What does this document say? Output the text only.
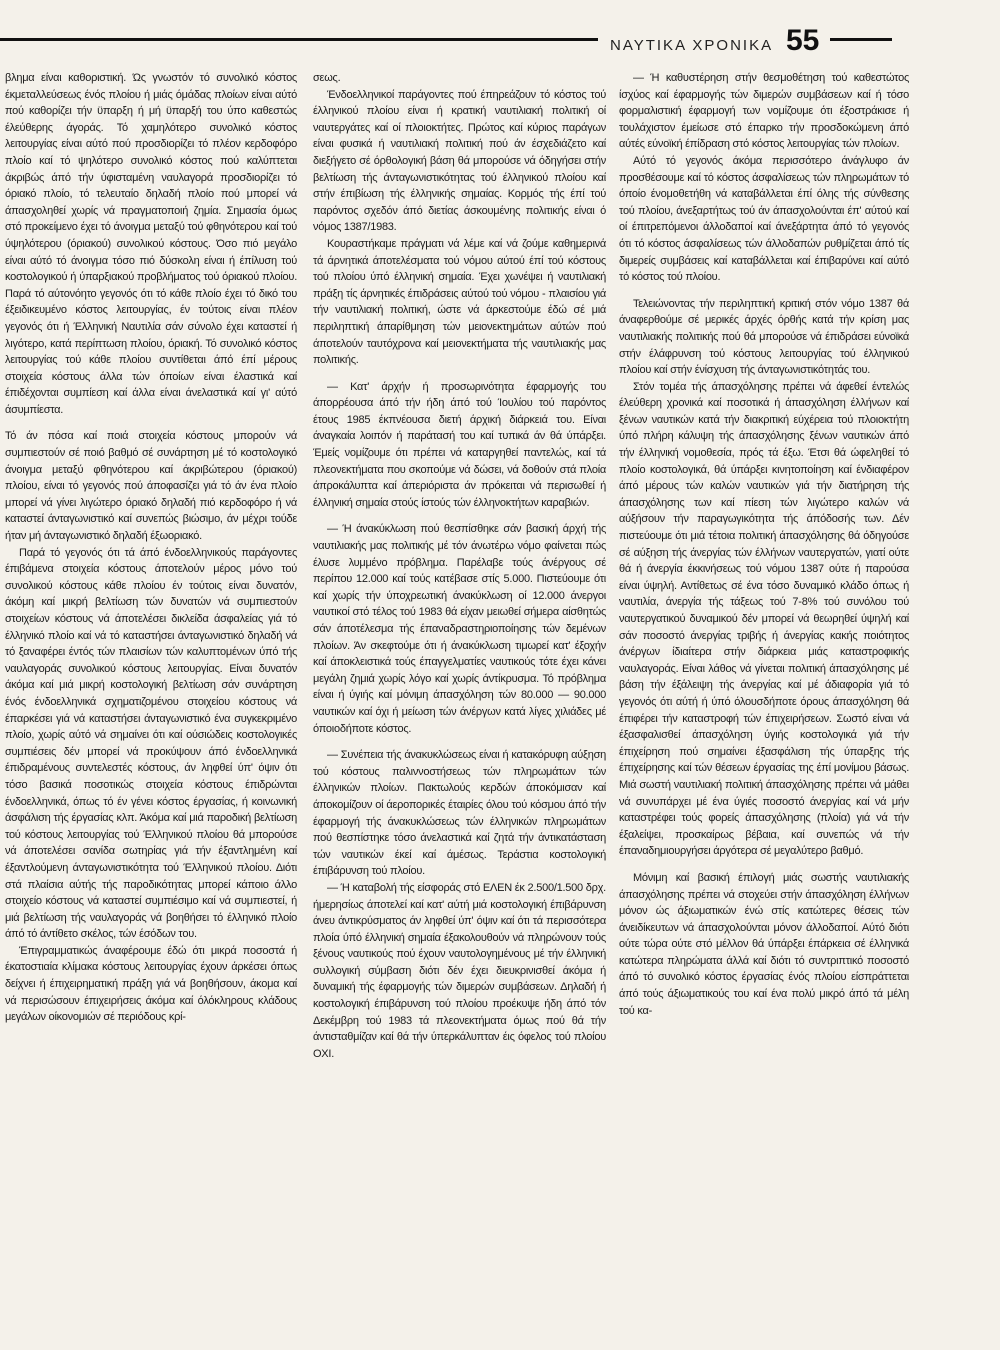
ΝΑΥΤΙΚΑ ΧΡΟΝΙΚΑ 55

βλημα είναι καθοριστική. Ώς γνωστόν τό συνολικό κόστος έκμεταλλεύσεως ένός πλοίου ή μιάς όμάδας πλοίων είναι αύτό πού καθορίζει τήν ϋπαρξη ή μή ϋπαρξή του ύπο καθεστώς έλεύθερης άγοράς. Τό χαμηλότερο συνολικό κόστος λειτουργίας είναι αύτό πού προσδιορίζει τό πλέον κερδοφόρο πλοίο καί τό ψηλότερο συνολικό κόστος πού καλύπτεται άκριβώς άπό τήν ύφισταμένη ναυλαγορά προσδιορίζει τό όριακό πλοίο, τό τελευταίο δηλαδή πλοίο πού μπορεί νά άπασχοληθεί χωρίς νά πραγματοποιή ζημία. Σημασία όμως στό προκείμενο έχει τό άνοιγμα μεταξύ τού φθηνότερου καί τού ύψηλότερου (όριακού) συνολικού κόστους. Όσο πιό μεγάλο είναι αύτό τό άνοιγμα τόσο πιό δύσκολη είναι ή έπίλυση τού κοστολογικού ή ύπαρξιακού προβλήματος τού όριακού πλοίου. Παρά τό αύτονόητο γεγονός ότι τό κάθε πλοίο έχει τό δικό του έξειδικευμένο κόστος λειτουργίας, έν τούτοις είναι πλέον γεγονός ότι ή Έλληνική Ναυτιλία σάν σύνολο έχει καταστεί ή λιγότερο, κατά περίπτωση πλοίου, όριακή. Τό συνολικό κόστος λειτουργίας τού κάθε πλοίου συντίθεται άπό έπί μέρους στοιχεία κόστους άλλα τών όποίων είναι έλαστικά καί έπιδέχονται συμπίεση καί άλλα είναι άνελαστικά καί γι' αύτό άσυμπίεστα.

Τό άν πόσα καί ποιά στοιχεία κόστους μπορούν νά συμπιεστούν σέ ποιό βαθμό σέ συνάρτηση μέ τό κοστολογικό άνοιγμα μεταξύ φθηνότερου καί άκριβώτερου (όριακού) πλοίου, είναι τό γεγονός πού άποφασίζει γιά τό άν ένα πλοίο μπορεί νά γίνει λιγώτερο όριακό δηλαδή πιό κερδοφόρο ή νά καταστεί άνταγωνιστικό καί συνεπώς βιώσιμο, άν μέχρι τούδε ήταν μή άνταγωνιστικό δηλαδή έξωοριακό.

Παρά τό γεγονός ότι τά άπό ένδοελληνικούς παράγοντες έπιβάμενα στοιχεία κόστους άποτελούν μέρος μόνο τού συνολικού κόστους κάθε πλοίου έν τούτοις είναι δυνατόν, άκόμη καί μικρή βελτίωση τών δυνατών νά συμπιεστούν στοιχείων κόστους νά άποτελέσει δικλείδα άσφαλείας γιά τό έλληνικό πλοίο καί νά τό καταστήσει άνταγωνιστικό δηλαδή νά τό ξαναφέρει έντός τών πλαισίων τών καλυπτομένων ύπό τής ναυλαγοράς συνολικού κόστους λειτουργίας. Είναι δυνατόν άκόμα καί μιά μικρή κοστολογική βελτίωση σάν συνάρτηση ένός ένδοελληνικά σχηματιζομένου στοιχείου κόστους νά έπαρκέσει γιά νά καταστήσει άνταγωνιστικό ένα συγκεκριμένο πλοίο, χωρίς αύτό νά σημαίνει ότι καί ούσιώδεις κοστολογικές συμπιέσεις δέν μπορεί νά προκύψουν άπό ένδοελληνικά έπιδραμένους συντελεστές κόστους, άν ληφθεί ύπ' όψιν ότι τόσο βασικά ποσοτικώς στοιχεία κόστους έπιδρώνται ένδοελληνικά, όπως τό έν γένει κόστος έργασίας, ή κοινωνική άσφάλιση τής έργασίας κλπ. Άκόμα καί μιά παροδική βελτίωση τού κόστους λειτουργίας τού Έλληνικού πλοίου θά μπορούσε νά άποτελέσει σανίδα σωτηρίας γιά τήν έξαντλημένη καί έξαντλούμενη άνταγωνιστικότητα τού Έλληνικού πλοίου. Διότι στά πλαίσια αύτής τής παροδικότητας μπορεί κάποιο άλλο στοιχείο κόστους νά καταστεί συμπιέσιμο καί νά συμπιεστεί, ή μιά βελτίωση τής ναυλαγοράς νά βοηθήσει τό έλληνικό πλοίο άπό τό άντίθετο σκέλος, τών έσόδων του.

Έπιγραμματικώς άναφέρουμε έδώ ότι μικρά ποσοστά ή έκατοστιαία κλίμακα κόστους λειτουργίας έχουν άρκέσει όπως δείχνει ή έπιχειρηματική πράξη γιά νά βοηθήσουν, άκομα καί νά περισώσουν έπιχειρήσεις άκόμα καί όλόκληρους κλάδους μεγάλων οίκονομιών σέ περιόδους κρί-

σεως.

Ένδοελληνικοί παράγοντες πού έπηρεάζουν τό κόστος τού έλληνικού πλοίου είναι ή κρατική ναυτιλιακή πολιτική οί ναυτεργάτες καί οί πλοιοκτήτες. Πρώτος καί κύριος παράγων είναι φυσικά ή ναυτιλιακή πολιτική πού άν έσχεδιάζετο καί διεξήγετο σέ όρθολογική βάση θά μπορούσε νά όδηγήσει στήν βελτίωση τής άνταγωνιστικότητας τού έλληνικού πλοίου καί στήν έπιβίωση τής έλληνικής σημαίας. Κορμός τής έπί τού παρόντος σχεδόν άπό διετίας άσκουμένης πολιτικής είναι ό νόμος 1387/1983.

Κουραστήκαμε πράγματι νά λέμε καί νά ζούμε καθημερινά τά άρνητικά άποτελέσματα τού νόμου αύτού έπί τού κόστους τού πλοίου ύπό έλληνική σημαία. Έχει χωνέψει ή ναυτιλιακή πράξη τίς άρνητικές έπιδράσεις αύτού τού νόμου - πλαισίου γιά τήν ναυτιλιακή πολιτική, ώστε νά άρκεστούμε έδώ σέ μιά περιληπτική άπαρίθμηση τών μειονεκτημάτων αύτών πού άποτελούν ταυτόχρονα καί μειονεκτήματα τής ναυτιλιακής μας πολιτικής.

— Κατ' άρχήν ή προσωρινότητα έφαρμογής του άπορρέουσα άπό τήν ήδη άπό τού Ίουλίου τού παρόντος έτους 1985 έκπνέουσα διετή άρχική διάρκειά του. Είναι άναγκαία λοιπόν ή παράτασή του καί τυπικά άν θά ύπάρξει. Έμείς νομίζουμε ότι πρέπει νά καταργηθεί παντελώς, καί τά πλεονεκτήματα που σκοπούμε νά δώσει, νά δοθούν στά πλοία άπροκάλυπτα καί άπεριόριστα άν πρόκειται νά περισωθεί ή έλληνική σημαία στούς ίστούς τών έλληνοκτήτων καραβιών.

— Ή άνακύκλωση πού θεσπίσθηκε σάν βασική άρχή τής ναυτιλιακής μας πολιτικής μέ τόν άνωτέρω νόμο φαίνεται πώς έλυσε λυμμένο πρόβλημα. Παρέλαβε τούς άνέργους σέ περίπου 12.000 καί τούς κατέβασε στίς 5.000. Πιστεύουμε ότι καί χωρίς τήν ύποχρεωτική άνακύκλωση οί 12.000 άνεργοι ναυτικοί στό τέλος τού 1983 θά είχαν μειωθεί σήμερα αίσθητώς σάν άποτέλεσμα τής έπαναδραστηριοποίησης τών δεμένων πλοίων. Άν σκεφτούμε ότι ή άνακύκλωση τιμωρεί κατ' έξοχήν καί άποκλειστικά τούς έπαγγελματίες ναυτικούς τότε έχει κάνει μεγάλη ζημιά χωρίς λόγο καί χωρίς άντίκρυσμα. Τό πρόβλημα είναι ή ύγιής καί μόνιμη άπασχόληση τών 80.000 — 90.000 ναυτικών καί όχι ή μείωση τών άνέργων κατά λίγες χιλιάδες μέ όποιοδήποτε κόστος.

— Συνέπεια τής άνακυκλώσεως είναι ή κατακόρυφη αύξηση τού κόστους παλιννοστήσεως τών πληρωμάτων τών έλληνικών πλοίων. Πακτωλούς κερδών άποκόμισαν καί άποκομίζουν οί άεροπορικές έταιρίες όλου τού κόσμου άπό τήν έφαρμογή τής άνακυκλώσεως τών έλληνικών πληρωμάτων πού θεσπίστηκε τόσο άνελαστικά καί ζητά τήν άντικατάσταση τών ναυτικών έκεί καί άμέσως. Τεράστια κοστολογική έπιβάρυνση τού πλοίου.

— Ή καταβολή τής είσφοράς στό ΕΛΕΝ έκ 2.500/1.500 δρχ. ήμερησίως άποτελεί καί κατ' αύτή μιά κοστολογική έπιβάρυνση άνευ άντικρύσματος άν ληφθεί ύπ' όψιν καί ότι τά περισσότερα πλοία ύπό έλληνική σημαία έξακολουθούν νά πληρώνουν τούς ξένους ναυτικούς πού έχουν ναυτολογημένους μέ τήν έλληνική συλλογική σύμβαση διότι δέν έχει διευκρινισθεί άκόμα ή δυναμική τής έφαρμογής τών διμερών συμβάσεων. Δηλαδή ή κοστολογική έπιβάρυνση τού πλοίου προέκυψε ήδη άπό τόν Δεκέμβρη τού 1983 τά πλεονεκτήματα όμως πού θά τήν άντισταθμίζαν καί θά τήν ύπερκάλυπταν έις όφελος τού πλοίου ΟΧΙ.

— Ή καθυστέρηση στήν θεσμοθέτηση τού καθεστώτος ίσχύος καί έφαρμογής τών διμερών συμβάσεων καί ή τόσο φορμαλιστική έφαρμογή των νομίζουμε ότι έξοστράκισε ή τουλάχιστον έμείωσε στό έπαρκο τήν προσδοκώμενη άπό αύτές εύνοϊκή έπίδραση στό κόστος λειτουργίας τών πλοίων.

Αύτό τό γεγονός άκόμα περισσότερο άνάγλυφο άν προσθέσουμε καί τό κόστος άσφαλίσεως τών πληρωμάτων τό όποίο ένομοθετήθη νά καταβάλλεται έπί όλης τής σύνθεσης τού πλοίου, άνεξαρτήτως τού άν άπασχολούνται έπ' αύτού καί οί έπιτρεπόμενοι άλλοδαποί καί άνεξάρτητα άπό τό γεγονός ότι τό κόστος άσφαλίσεως τών άλλοδαπών ρυθμίζεται άπό τίς διμερείς συμβάσεις καί καταβάλλεται καί έπιβαρύνει καί αύτό τό κόστος τού πλοίου.

Τελειώνοντας τήν περιληπτική κριτική στόν νόμο 1387 θά άναφερθούμε σέ μερικές άρχές όρθής κατά τήν κρίση μας ναυτιλιακής πολιτικής πού θά μπορούσε νά έπιδράσει εύνοϊκά στήν έλάφρυνση τού κόστους λειτουργίας τού έλληνικού πλοίου καί στήν ένίσχυση τής άνταγωνιστικότητάς του.

Στόν τομέα τής άπασχόλησης πρέπει νά άφεθεί έντελώς έλεύθερη χρονικά καί ποσοτικά ή άπασχόληση έλλήνων καί ξένων ναυτικών κατά τήν διακριτική εύχέρεια τού πλοιοκτήτη ύπό πλήρη κάλυψη τής άπασχόλησης ξένων ναυτικών άπό τήν έλληνική νομοθεσία, πρός τά έξω. Έτσι θά ώφεληθεί τό πλοίο κοστολογικά, θά ύπάρξει κινητοποίηση καί ένδιαφέρον άπό μέρους τών καλών ναυτικών γιά τήν διατήρηση τής άπασχόλησης των καί πίεση τών λιγώτερο καλών νά αύξήσουν τήν παραγωγικότητα τής άπόδοσής των. Δέν πιστεύουμε ότι μιά τέτοια πολιτική άπασχόλησης θά όδηγούσε σέ αύξηση τής άνεργίας τών έλλήνων ναυτεργατών, γιατί ούτε θά ή άνεργία έκκινήσεως τού νόμου 1387 ούτε ή παρούσα είναι ύψηλή. Αντίθετως σέ ένα τόσο δυναμικό κλάδο όπως ή ναυτιλία, άνεργία τής τάξεως τού 7-8% τού συνόλου τού ναυτεργατικού δυναμικού δέν μπορεί νά θεωρηθεί ύψηλή καί σάν ποσοστό άνεργίας τριβής ή άνεργίας κακής ποιότητος άνέργων ίδιαίτερα στήν διάρκεια μιάς καταστροφικής ναυλαγοράς. Είναι λάθος νά γίνεται πολιτική άπασχόλησης μέ βάση τήν έξάλειψη τής άνεργίας καί μέ άδιαφορία γιά τό γεγονός ότι αύτή ή ύπό όλουσδήποτε όρους άπασχόληση θά έπιφέρει τήν καταστροφή τών έπιχειρήσεων. Σωστό είναι νά έξασφαλισθεί άπασχόληση ύγιής κοστολογικά γιά τήν έπιχείρηση πού σημαίνει έξασφάλιση τής ύπαρξης τής έπιχείρησης καί τών θέσεων έργασίας της έπί μονίμου βάσως. Μιά σωστή ναυτιλιακή πολιτική άπασχόλησης πρέπει νά μάθει νά συνυπάρχει μέ ένα ύγιές ποσοστό άνεργίας καί νά μήν καταστρέφει τούς φορείς άπασχόλησης (πλοία) γιά νά τήν έξαλείψει, προσκαίρως βέβαια, καί συνεπώς νά τήν έπαναδημιουργήσει άργότερα σέ μεγαλύτερο βαθμό.

Μόνιμη καί βασική έπιλογή μιάς σωστής ναυτιλιακής άπασχόλησης πρέπει νά στοχεύει στήν άπασχόληση έλλήνων μόνον ώς άξιωματικών ένώ στίς κατώτερες θέσεις τών άνειδίκευτων νά άπασχολούνται μόνον άλλοδαποί. Αύτό διότι ούτε τώρα ούτε στό μέλλον θά ύπάρξει έπάρκεια σέ έλληνικά κατώτερα πληρώματα άλλά καί διότι τό συντριπτικό ποσοστό άπό τό συνολικό κόστος έργασίας ένός πλοίου είσπράττεται άπό τούς άξιωματικούς του καί ένα πολύ μικρό άπό τά μέλη τού κα-
